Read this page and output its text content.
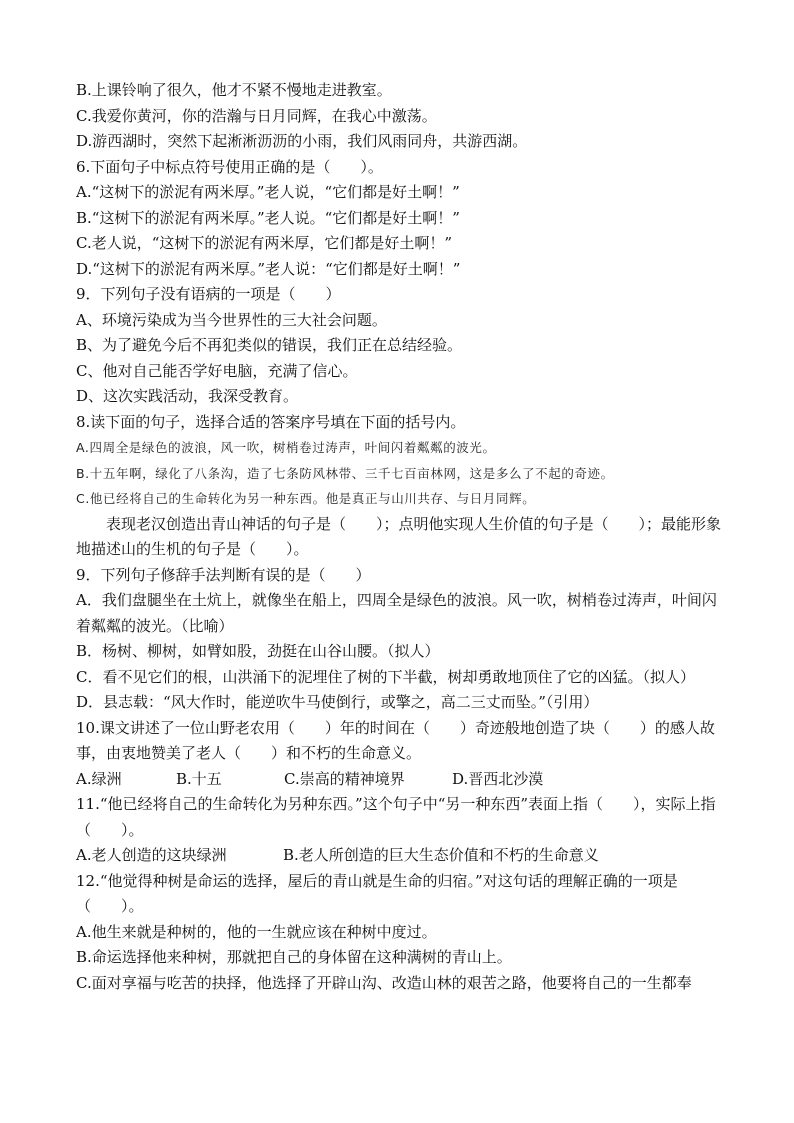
B.上课铃响了很久，他才不紧不慢地走进教室。
C.我爱你黄河，你的浩瀚与日月同辉，在我心中激荡。
D.游西湖时，突然下起淅淅沥沥的小雨，我们风雨同舟，共游西湖。
6.下面句子中标点符号使用正确的是（　　）。
A.“这树下的淤泥有两米厚。”老人说，“它们都是好土啊！”
B.“这树下的淤泥有两米厚。”老人说。“它们都是好土啊！”
C.老人说，“这树下的淤泥有两米厚，它们都是好土啊！”
D.“这树下的淤泥有两米厚。”老人说：“它们都是好土啊！”
9．下列句子没有语病的一项是（　　）
A、环境污染成为当今世界性的三大社会问题。
B、为了避免今后不再犯类似的错误，我们正在总结经验。
C、他对自己能否学好电脑，充满了信心。
D、这次实践活动，我深受教育。
8.读下面的句子，选择合适的答案序号填在下面的括号内。
A.四周全是绿色的波浪，风一吹，树梢卷过涛声，叶间闪着粼粼的波光。
B.十五年啊，绿化了八条沟，造了七条防风林带、三千七百亩林网，这是多么了不起的奇迹。
C.他已经将自己的生命转化为另一种东西。他是真正与山川共存、与日月同辉。
表现老汉创造出青山神话的句子是（　　）；点明他实现人生价值的句子是（　　）；最能形象地描述山的生机的句子是（　　）。
9．下列句子修辞手法判断有误的是（　　）
A．我们盘腿坐在土炕上，就像坐在船上，四周全是绿色的波浪。风一吹，树梢卷过涛声，叶间闪着粼粼的波光。（比喻）
B．杨树、柳树，如臂如股，劲挺在山谷山腰。（拟人）
C．看不见它们的根，山洪涌下的泥埋住了树的下半截，树却勇敢地顶住了它的凶猛。（拟人）
D．县志载：“风大作时，能逆吹牛马使倒行，或擎之，高二三丈而坠。”（引用）
10.课文讲述了一位山野老农用（　　）年的时间在（　　）奇迹般地创造了块（　　）的感人故事，由衷地赞美了老人（　　）和不朽的生命意义。
A.绿洲	B.十五	C.崇高的精神境界	D.晋西北沙漠
11.“他已经将自己的生命转化为另种东西。”这个句子中“另一种东西”表面上指（　　），实际上指（　　）。
A.老人创造的这块绿洲	B.老人所创造的巨大生态价值和不朽的生命意义
12.“他觉得种树是命运的选择，屋后的青山就是生命的归宿。”对这句话的理解正确的一项是（　　）。
A.他生来就是种树的，他的一生就应该在种树中度过。
B.命运选择他来种树，那就把自己的身体留在这种满树的青山上。
C.面对享福与吃苦的抉择，他选择了开辟山沟、改造山林的艰苦之路，他要将自己的一生都奉
